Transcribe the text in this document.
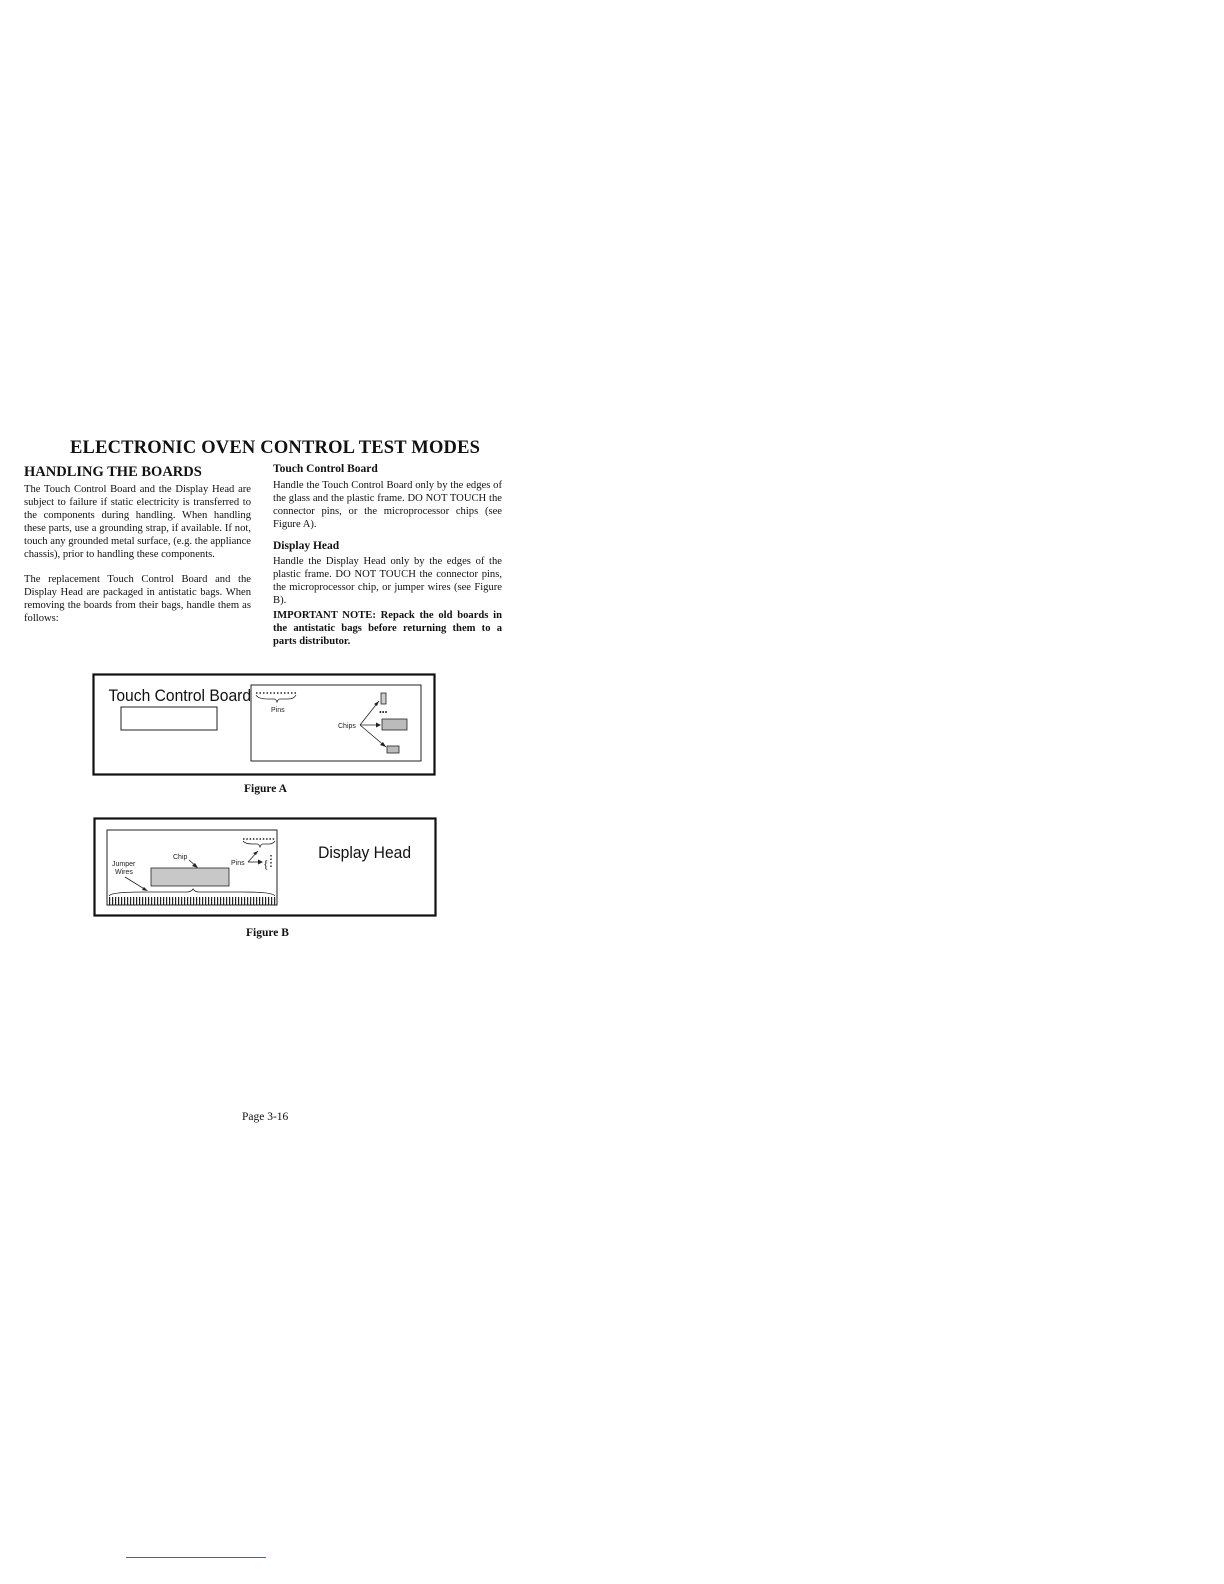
ELECTRONIC OVEN CONTROL TEST MODES
HANDLING THE BOARDS

The Touch Control Board and the Display Head are subject to failure if static electricity is transferred to the components during handling. When handling these parts, use a grounding strap, if available. If not, touch any grounded metal surface, (e.g. the appliance chassis), prior to handling these components.

The replacement Touch Control Board and the Display Head are packaged in antistatic bags. When removing the boards from their bags, handle them as follows:

Touch Control Board

Handle the Touch Control Board only by the edges of the glass and the plastic frame. DO NOT TOUCH the connector pins, or the microprocessor chips (see Figure A).

Display Head

Handle the Display Head only by the edges of the plastic frame. DO NOT TOUCH the connector pins, the microprocessor chip, or jumper wires (see Figure B).

IMPORTANT NOTE: Repack the old boards in the antistatic bags before returning them to a parts distributor.

Touch Control Board
Pins	•••
Chips
Figure A
{
Pins
Chip
Jumper
Wires
Display Head
Figure B
Page 3-16
